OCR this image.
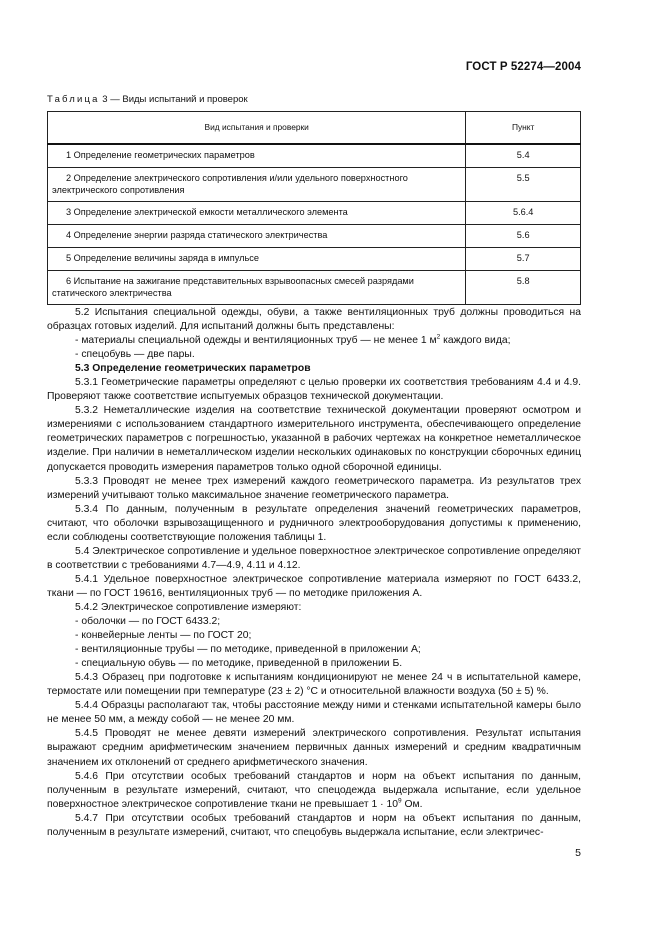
ГОСТ Р 52274—2004
Таблица 3 — Виды испытаний и проверок
Вид испытания и проверки	Пункт

1 Определение геометрических параметров	5.4

2 Определение электрического сопротивления и/или удельного поверхностного электрического сопротивления	5.5

3 Определение электрической емкости металлического элемента	5.6.4

4 Определение энергии разряда статического электричества	5.6

5 Определение величины заряда в импульсе	5.7

6 Испытание на зажигание представительных взрывоопасных смесей разрядами статического электричества	5.8

5.2 Испытания специальной одежды, обуви, а также вентиляционных труб должны проводиться на образцах готовых изделий. Для испытаний должны быть представлены:

- материалы специальной одежды и вентиляционных труб — не менее 1 $м^2$ каждого вида;

- спецобувь — две пары.

5.3 Определение геометрических параметров

5.3.1 Геометрические параметры определяют с целью проверки их соответствия требованиям 4.4 и 4.9. Проверяют также соответствие испытуемых образцов технической документации.

5.3.2 Неметаллические изделия на соответствие технической документации проверяют осмотром и измерениями с использованием стандартного измерительного инструмента, обеспечивающего определение геометрических параметров с погрешностью, указанной в рабочих чертежах на конкретное неметаллическое изделие. При наличии в неметаллическом изделии нескольких одинаковых по конструкции сборочных единиц допускается проводить измерения параметров только одной сборочной единицы.

5.3.3 Проводят не менее трех измерений каждого геометрического параметра. Из результатов трех измерений учитывают только максимальное значение геометрического параметра.

5.3.4 По данным, полученным в результате определения значений геометрических параметров, считают, что оболочки взрывозащищенного и рудничного электрооборудования допустимы к применению, если соблюдены соответствующие положения таблицы 1.

5.4 Электрическое сопротивление и удельное поверхностное электрическое сопротивление определяют в соответствии с требованиями 4.7—4.9, 4.11 и 4.12.

5.4.1 Удельное поверхностное электрическое сопротивление материала измеряют по ГОСТ 6433.2, ткани — по ГОСТ 19616, вентиляционных труб — по методике приложения А.

5.4.2 Электрическое сопротивление измеряют:

- оболочки — по ГОСТ 6433.2;

- конвейерные ленты — по ГОСТ 20;

- вентиляционные трубы — по методике, приведенной в приложении А;

- специальную обувь — по методике, приведенной в приложении Б.

5.4.3 Образец при подготовке к испытаниям кондиционируют не менее 24 ч в испытательной камере, термостате или помещении при температуре (23 ± 2) °С и относительной влажности воздуха (50 ± 5) %.

5.4.4 Образцы располагают так, чтобы расстояние между ними и стенками испытательной камеры было не менее 50 мм, а между собой — не менее 20 мм.

5.4.5 Проводят не менее девяти измерений электрического сопротивления. Результат испытания выражают средним арифметическим значением первичных данных измерений и средним квадратичным значением их отклонений от среднего арифметического значения.

5.4.6 При отсутствии особых требований стандартов и норм на объект испытания по данным, полученным в результате измерений, считают, что спецодежда выдержала испытание, если удельное поверхностное электрическое сопротивление ткани не превышает $1 \cdot 10^9$ Ом.

5.4.7 При отсутствии особых требований стандартов и норм на объект испытания по данным, полученным в результате измерений, считают, что спецобувь выдержала испытание, если электричес-

5
